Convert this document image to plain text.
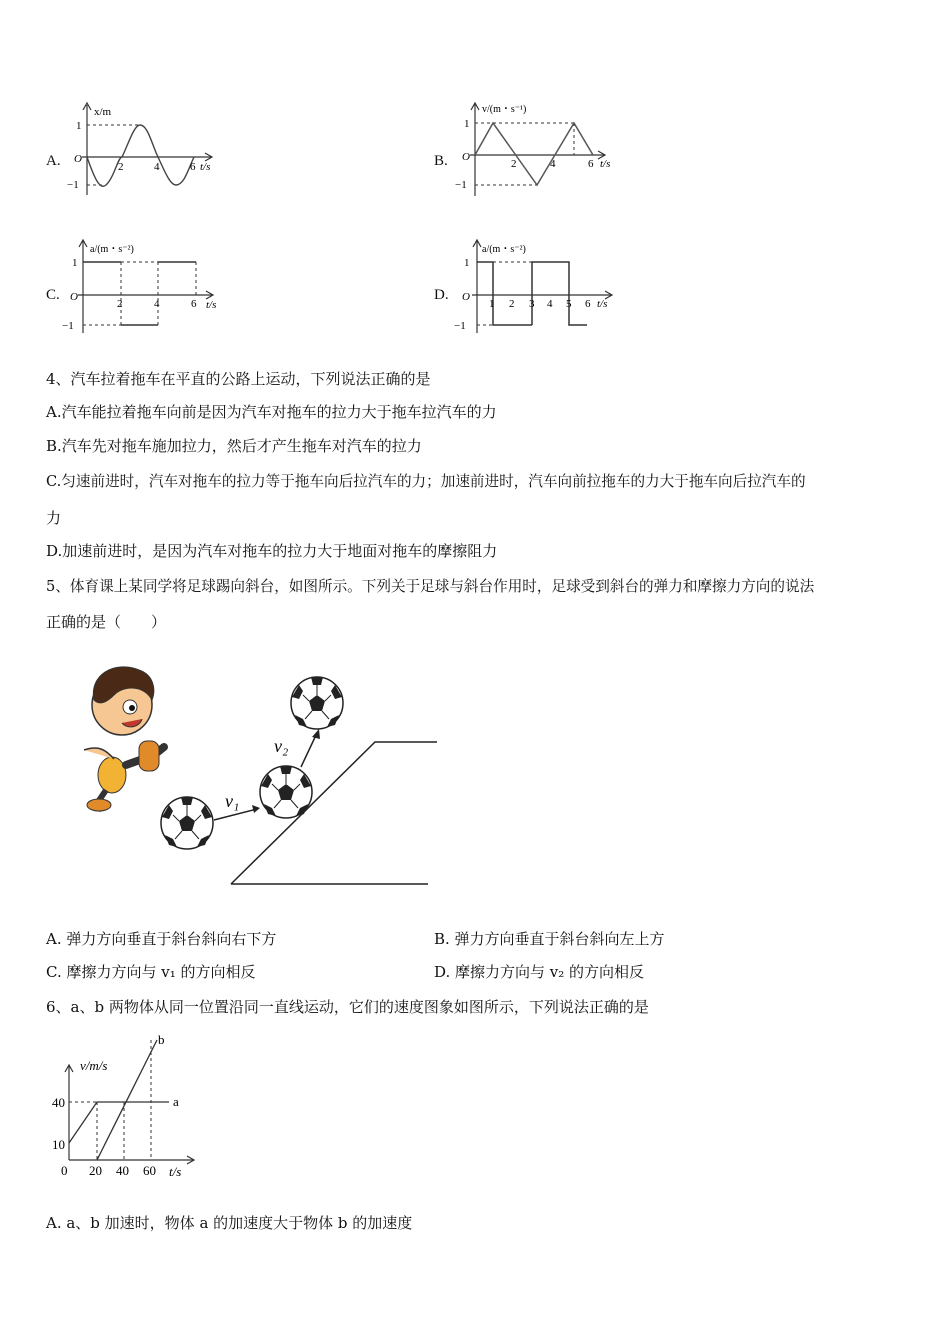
A.
x/m
O
1
−1
2	4	6 t/s	B.
v/(m・s⁻¹)
O
1
−1
2	4	6 t/s
C.
a/(m・s⁻²)
O
1
−1
2	4	6 t/s
D.
a/(m・s⁻²)
O
1
−1
1 2 3 4 5 6 t/s
4、汽车拉着拖车在平直的公路上运动，下列说法正确的是
A.汽车能拉着拖车向前是因为汽车对拖车的拉力大于拖车拉汽车的力
B.汽车先对拖车施加拉力，然后才产生拖车对汽车的拉力
C.匀速前进时，汽车对拖车的拉力等于拖车向后拉汽车的力；加速前进时，汽车向前拉拖车的力大于拖车向后拉汽车的
力
D.加速前进时，是因为汽车对拖车的拉力大于地面对拖车的摩擦阻力
5、体育课上某同学将足球踢向斜台，如图所示。下列关于足球与斜台作用时，足球受到斜台的弹力和摩擦力方向的说法
正确的是（　　）
v₁
v₂
A. 弹力方向垂直于斜台斜向右下方	B. 弹力方向垂直于斜台斜向左上方
C. 摩擦力方向与 v₁ 的方向相反	D. 摩擦力方向与 v₂ 的方向相反
6、a、b 两物体从同一位置沿同一直线运动，它们的速度图象如图所示，下列说法正确的是
v/m/s
40
10
0 20 40 60 t/s
a
b
A. a、b 加速时，物体 a 的加速度大于物体 b 的加速度
